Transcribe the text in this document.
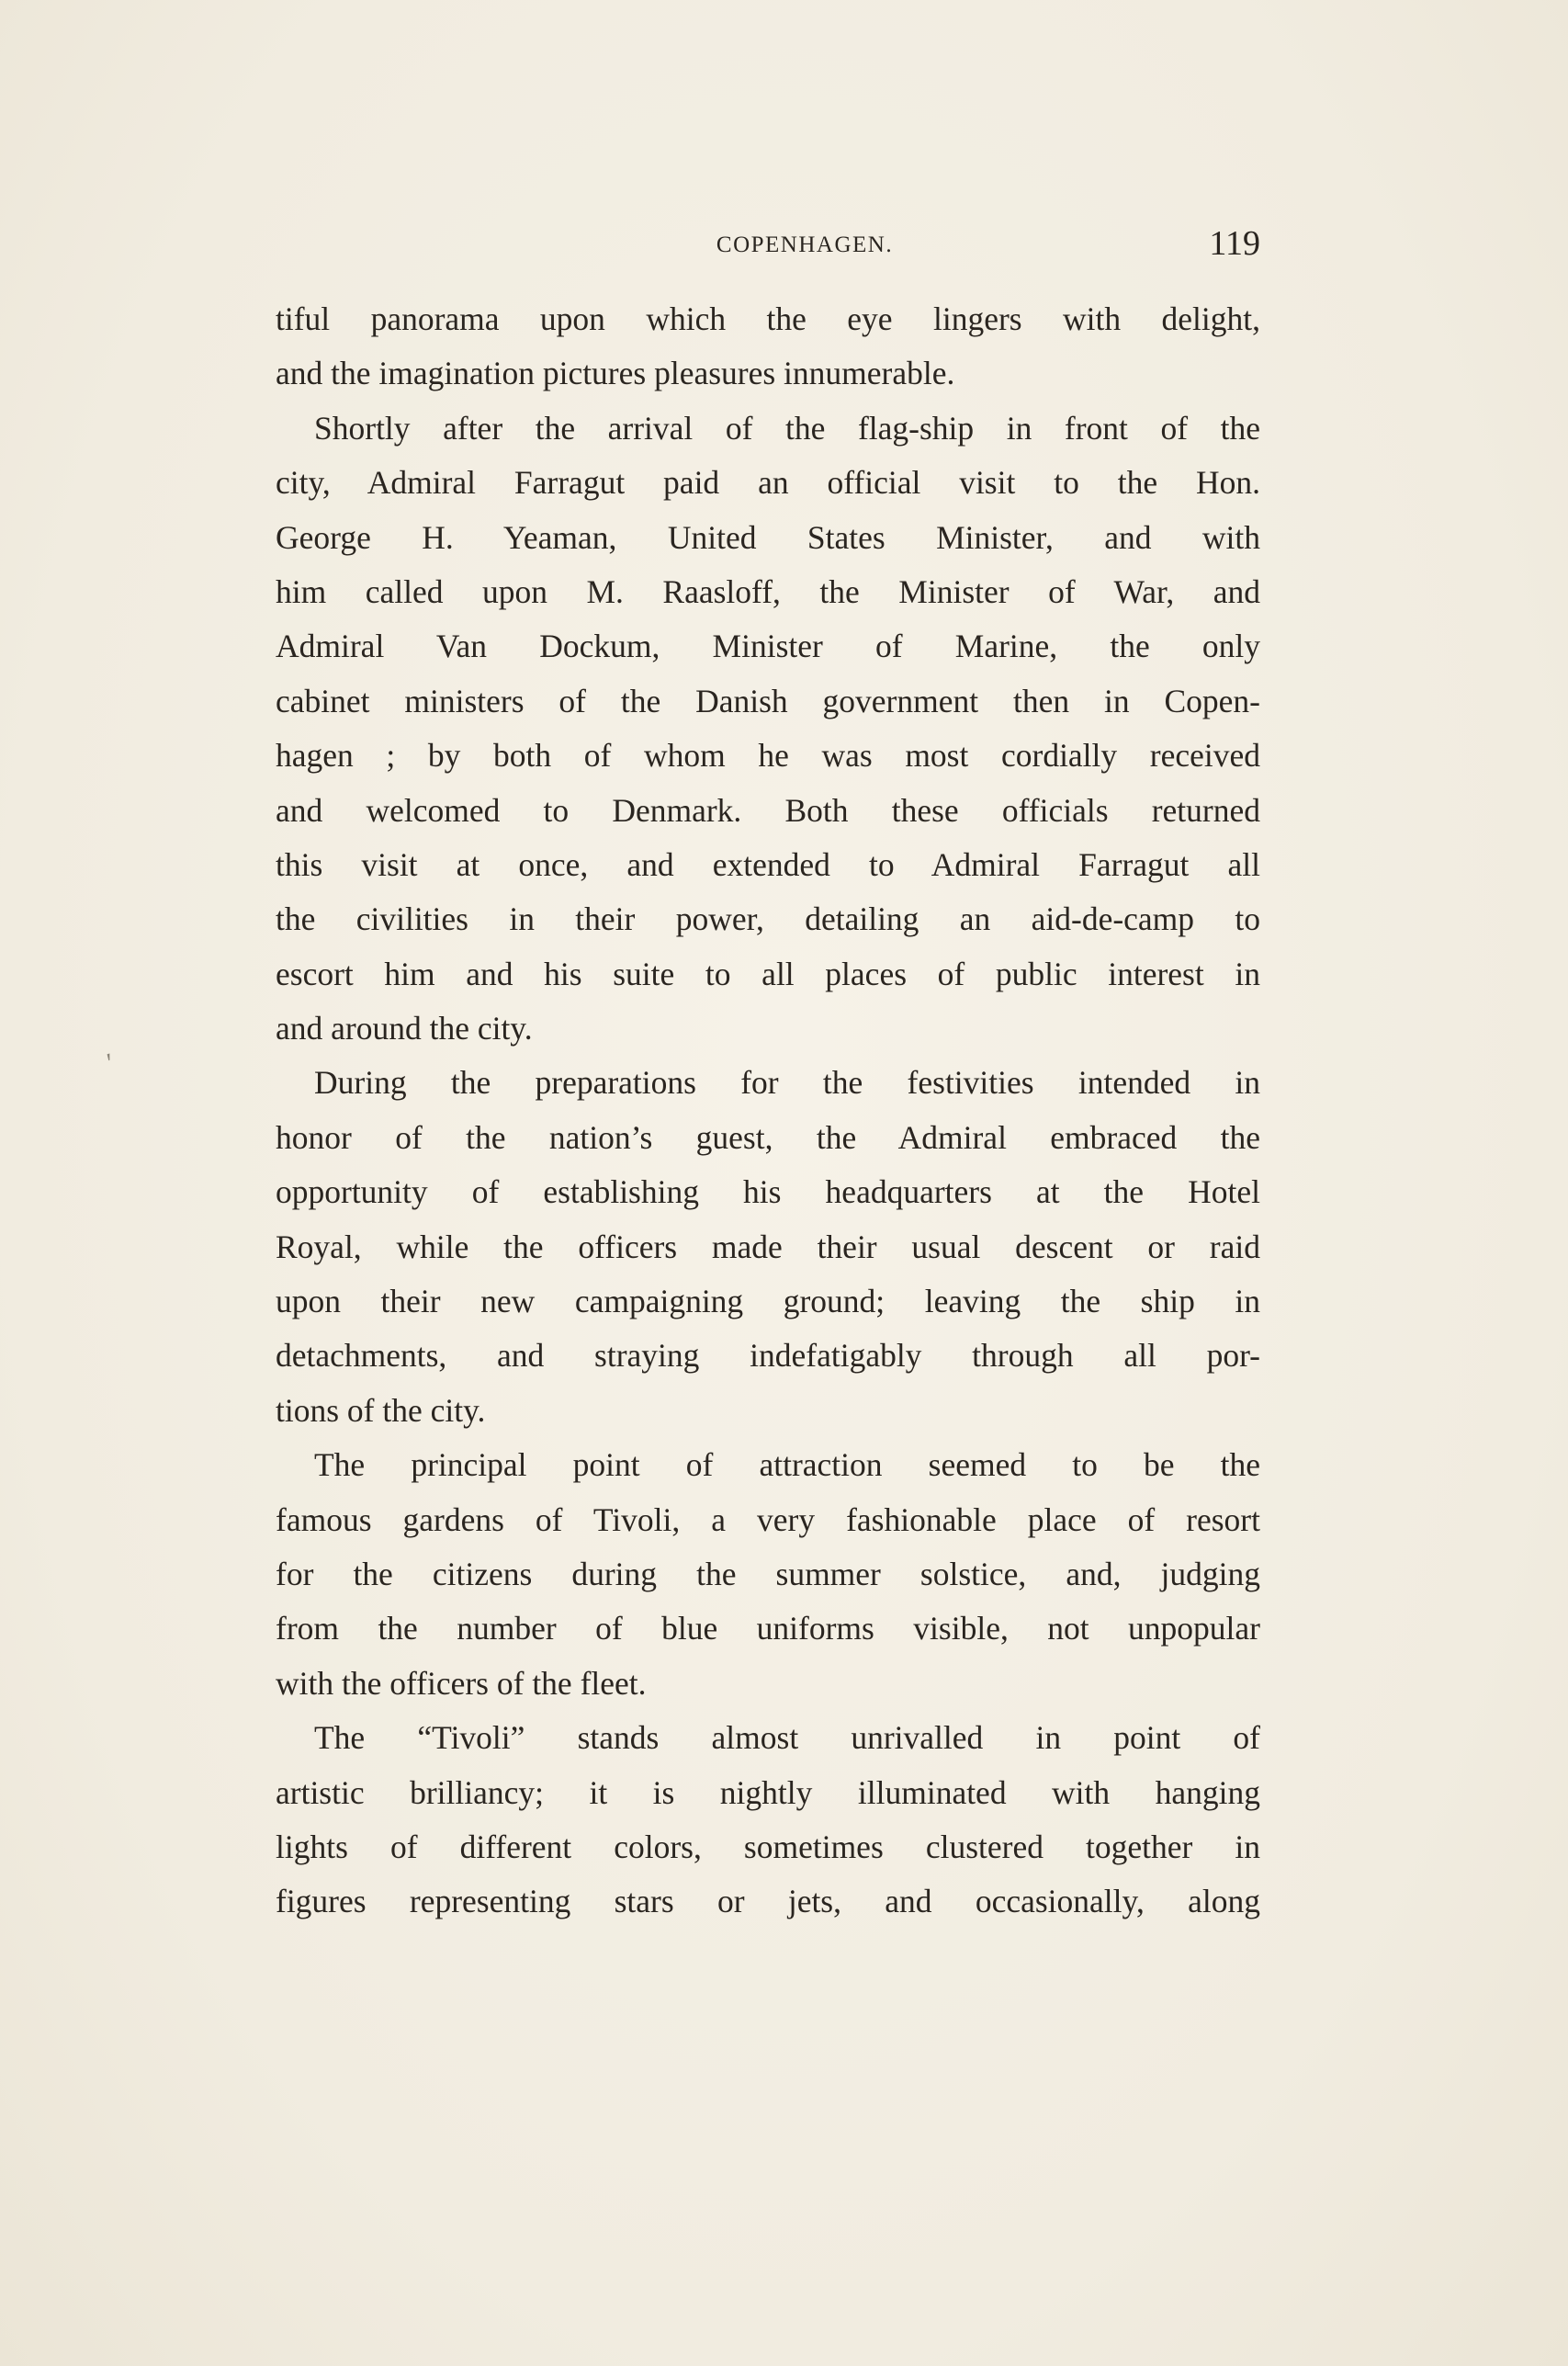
COPENHAGEN.	119
tiful panorama upon which the eye lingers with delight,
and the imagination pictures pleasures innumerable.
Shortly after the arrival of the flag-ship in front of the
city, Admiral Farragut paid an official visit to the Hon.
George H. Yeaman, United States Minister, and with
him called upon M. Raasloff, the Minister of War, and
Admiral Van Dockum, Minister of Marine, the only
cabinet ministers of the Danish government then in Copen-
hagen ; by both of whom he was most cordially received
and welcomed to Denmark. Both these officials returned
this visit at once, and extended to Admiral Farragut all
the civilities in their power, detailing an aid-de-camp to
escort him and his suite to all places of public interest in
and around the city.
During the preparations for the festivities intended in
honor of the nation’s guest, the Admiral embraced the
opportunity of establishing his headquarters at the Hotel
Royal, while the officers made their usual descent or raid
upon their new campaigning ground; leaving the ship in
detachments, and straying indefatigably through all por-
tions of the city.
The principal point of attraction seemed to be the
famous gardens of Tivoli, a very fashionable place of resort
for the citizens during the summer solstice, and, judging
from the number of blue uniforms visible, not unpopular
with the officers of the fleet.
The “Tivoli” stands almost unrivalled in point of
artistic brilliancy; it is nightly illuminated with hanging
lights of different colors, sometimes clustered together in
figures representing stars or jets, and occasionally, along
ʹ
